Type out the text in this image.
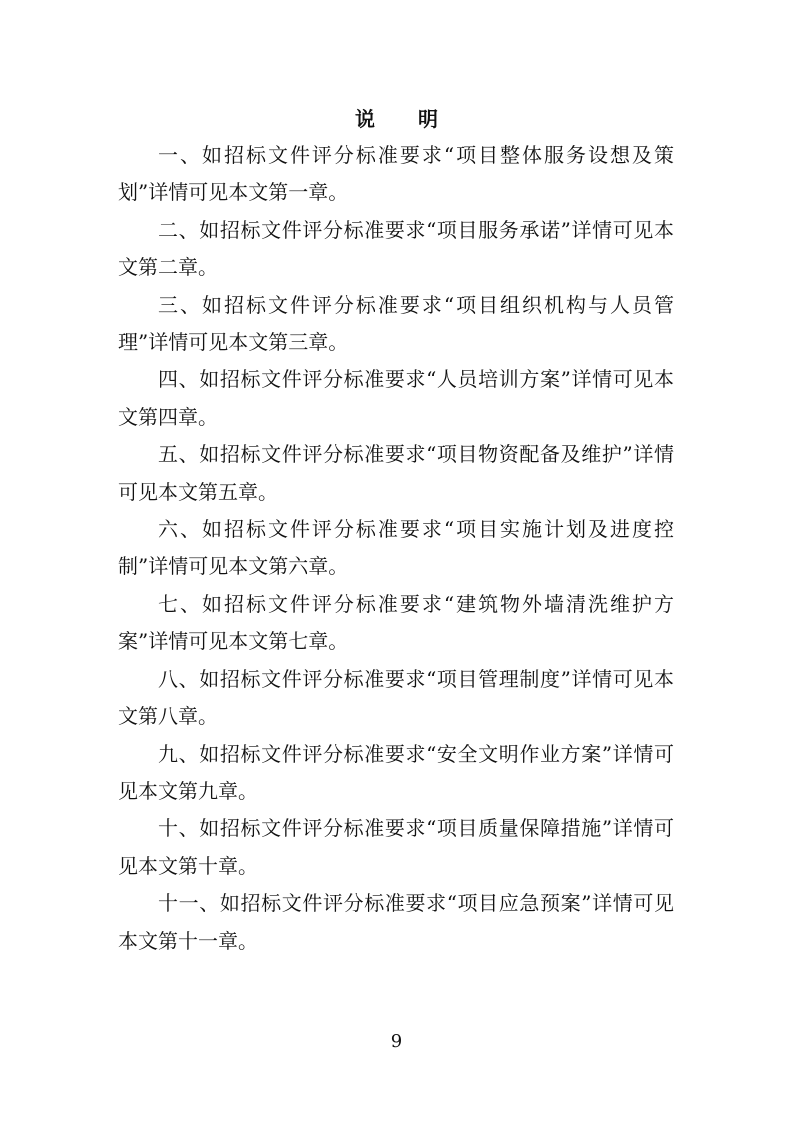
说 明

一、如招标文件评分标准要求“项目整体服务设想及策划”详情可见本文第一章。

二、如招标文件评分标准要求“项目服务承诺”详情可见本文第二章。

三、如招标文件评分标准要求“项目组织机构与人员管理”详情可见本文第三章。

四、如招标文件评分标准要求“人员培训方案”详情可见本文第四章。

五、如招标文件评分标准要求“项目物资配备及维护”详情可见本文第五章。

六、如招标文件评分标准要求“项目实施计划及进度控制”详情可见本文第六章。

七、如招标文件评分标准要求“建筑物外墙清洗维护方案”详情可见本文第七章。

八、如招标文件评分标准要求“项目管理制度”详情可见本文第八章。

九、如招标文件评分标准要求“安全文明作业方案”详情可见本文第九章。

十、如招标文件评分标准要求“项目质量保障措施”详情可见本文第十章。

十一、如招标文件评分标准要求“项目应急预案”详情可见本文第十一章。

9
